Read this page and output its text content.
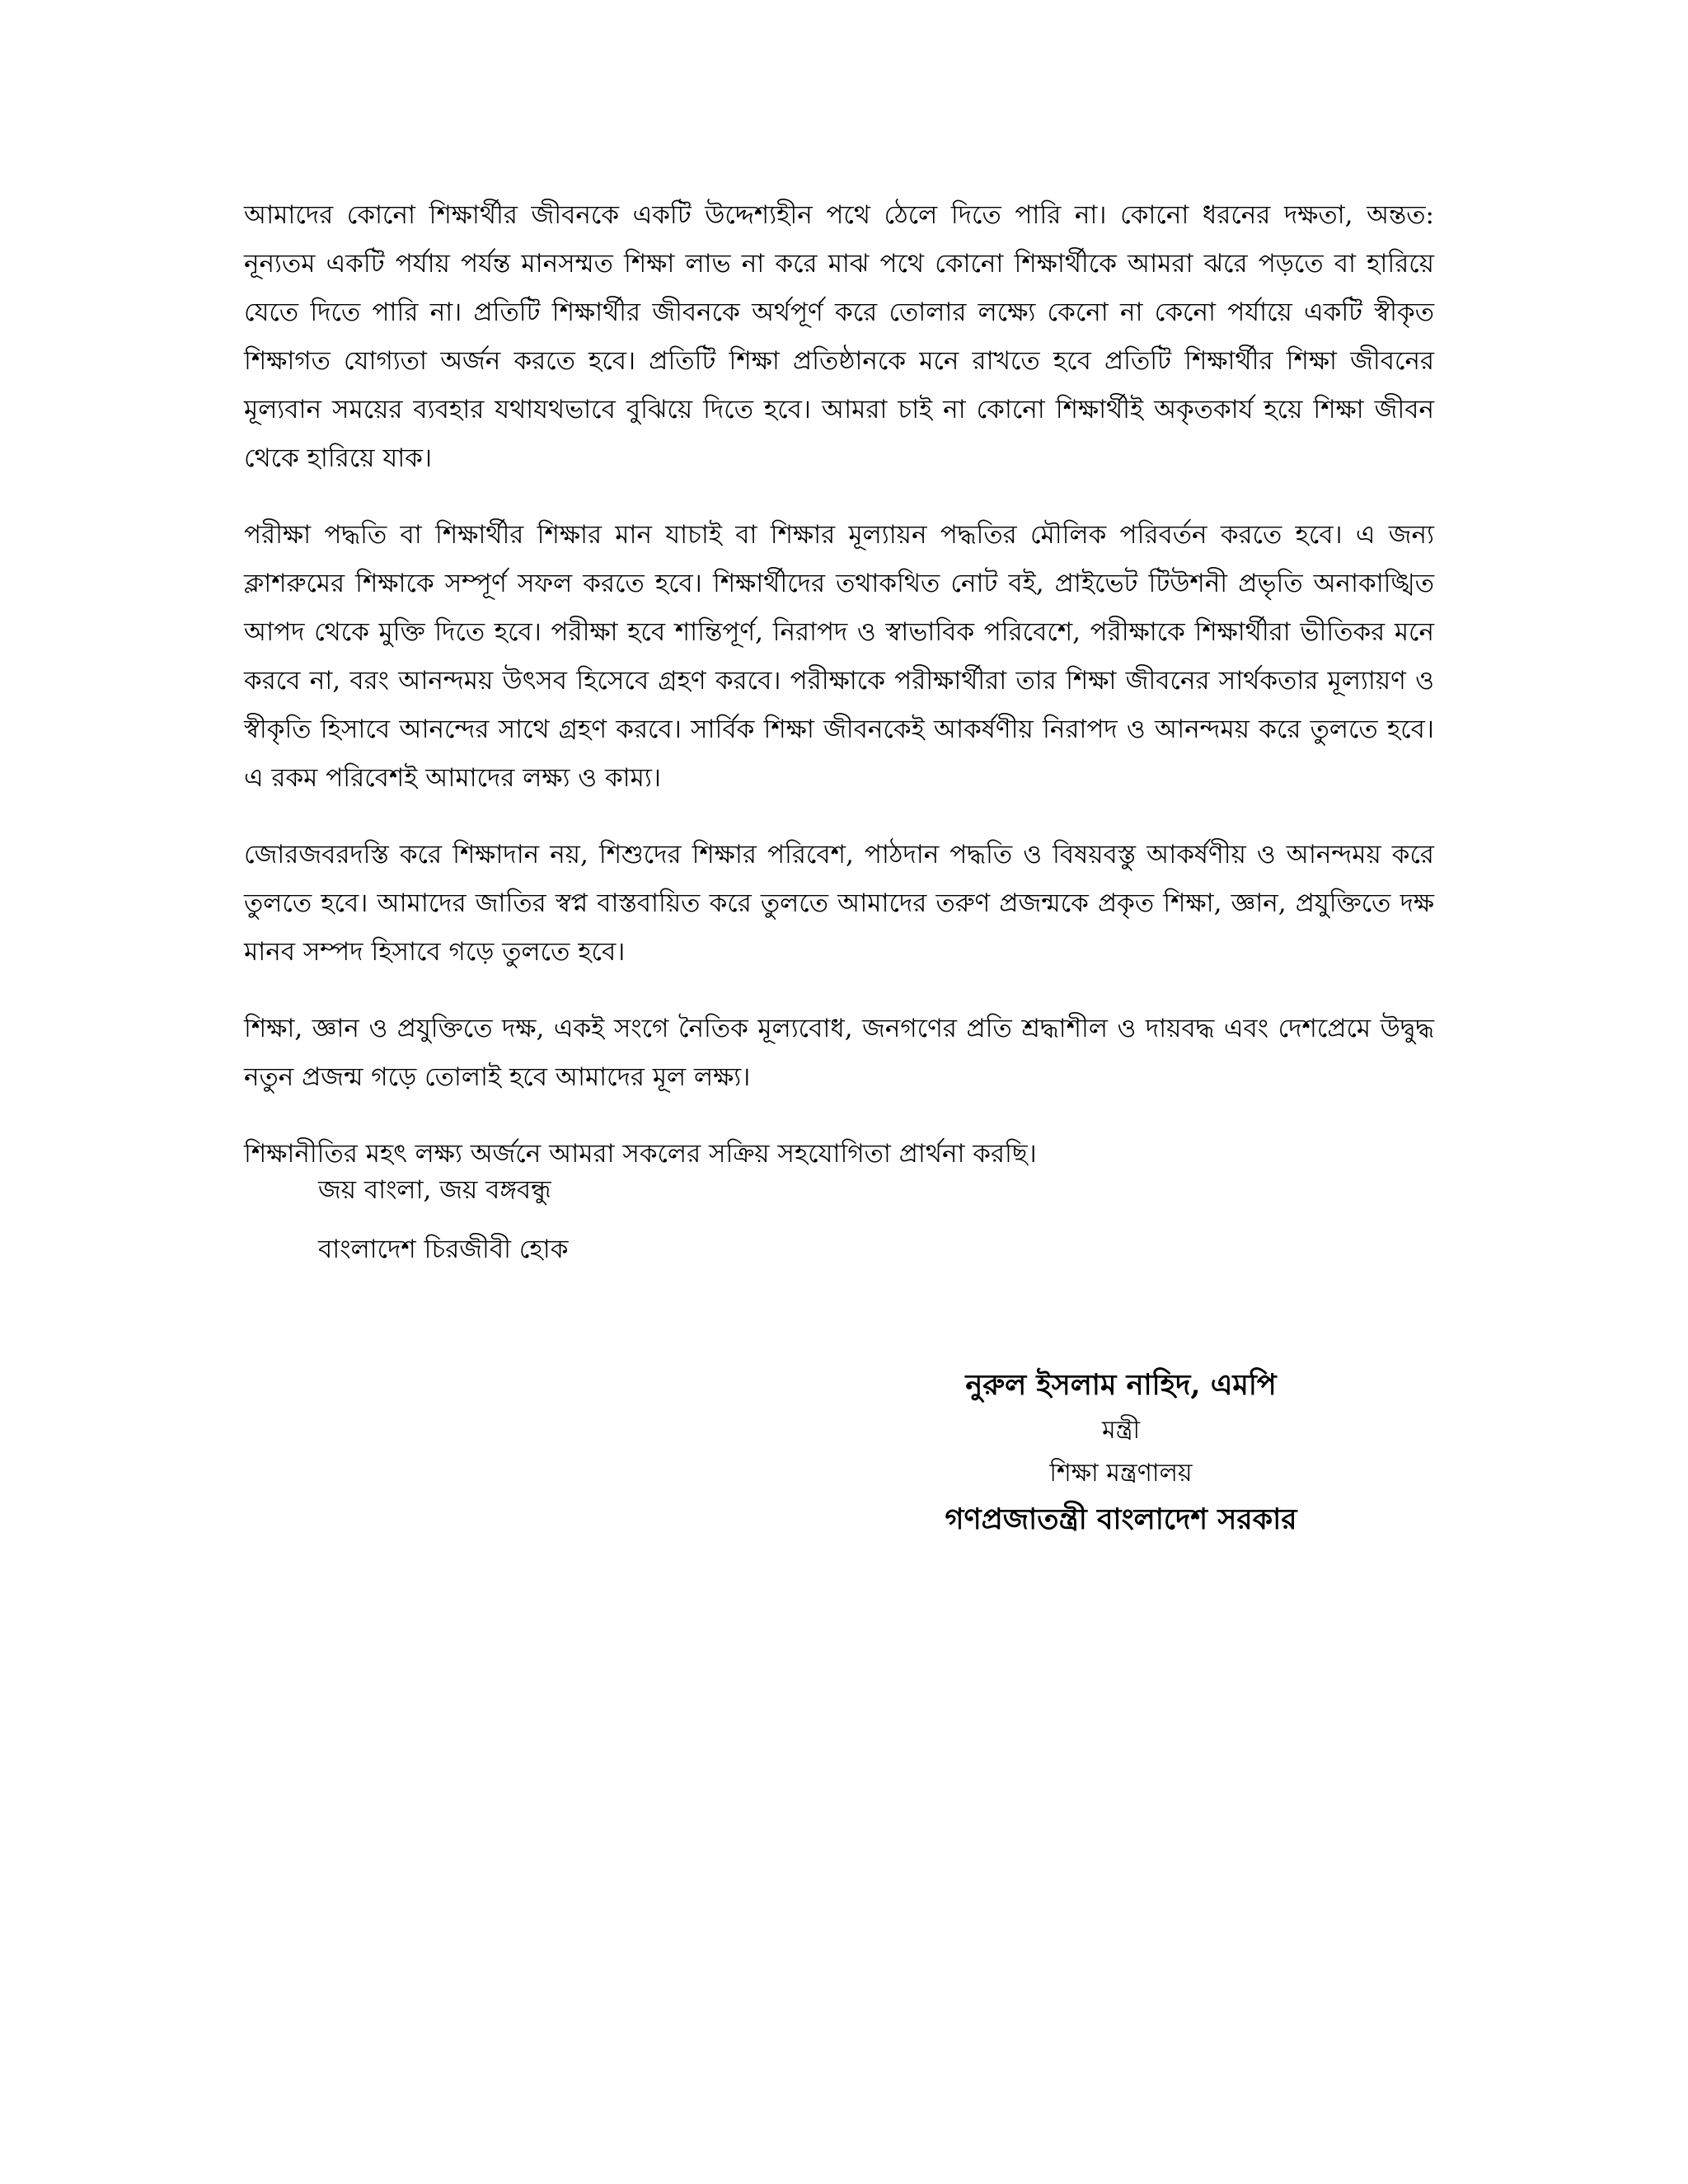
আমাদের কোনো শিক্ষার্থীর জীবনকে একটি উদ্দেশ্যহীন পথে ঠেলে দিতে পারি না। কোনো ধরনের দক্ষতা, অন্তত: নূন্যতম একটি পর্যায় পর্যন্ত মানসম্মত শিক্ষা লাভ না করে মাঝ পথে কোনো শিক্ষার্থীকে আমরা ঝরে পড়তে বা হারিয়ে যেতে দিতে পারি না। প্রতিটি শিক্ষার্থীর জীবনকে অর্থপূর্ণ করে তোলার লক্ষ্যে কেনো না কেনো পর্যায়ে একটি স্বীকৃত শিক্ষাগত যোগ্যতা অর্জন করতে হবে। প্রতিটি শিক্ষা প্রতিষ্ঠানকে মনে রাখতে হবে প্রতিটি শিক্ষার্থীর শিক্ষা জীবনের মূল্যবান সময়ের ব্যবহার যথাযথভাবে বুঝিয়ে দিতে হবে। আমরা চাই না কোনো শিক্ষার্থীই অকৃতকার্য হয়ে শিক্ষা জীবন থেকে হারিয়ে যাক।

পরীক্ষা পদ্ধতি বা শিক্ষার্থীর শিক্ষার মান যাচাই বা শিক্ষার মূল্যায়ন পদ্ধতির মৌলিক পরিবর্তন করতে হবে। এ জন্য ক্লাশরুমের শিক্ষাকে সম্পূর্ণ সফল করতে হবে। শিক্ষার্থীদের তথাকথিত নোট বই, প্রাইভেট টিউশনী প্রভৃতি অনাকাঙ্খিত আপদ থেকে মুক্তি দিতে হবে। পরীক্ষা হবে শান্তিপূর্ণ, নিরাপদ ও স্বাভাবিক পরিবেশে, পরীক্ষাকে শিক্ষার্থীরা ভীতিকর মনে করবে না, বরং আনন্দময় উৎসব হিসেবে গ্রহণ করবে। পরীক্ষাকে পরীক্ষার্থীরা তার শিক্ষা জীবনের সার্থকতার মূল্যায়ণ ও স্বীকৃতি হিসাবে আনন্দের সাথে গ্রহণ করবে। সার্বিক শিক্ষা জীবনকেই আকর্ষণীয় নিরাপদ ও আনন্দময় করে তুলতে হবে। এ রকম পরিবেশই আমাদের লক্ষ্য ও কাম্য।

জোরজবরদস্তি করে শিক্ষাদান নয়, শিশুদের শিক্ষার পরিবেশ, পাঠদান পদ্ধতি ও বিষয়বস্তু আকর্ষণীয় ও আনন্দময় করে তুলতে হবে। আমাদের জাতির স্বপ্ন বাস্তবায়িত করে তুলতে আমাদের তরুণ প্রজন্মকে প্রকৃত শিক্ষা, জ্ঞান, প্রযুক্তিতে দক্ষ মানব সম্পদ হিসাবে গড়ে তুলতে হবে।

শিক্ষা, জ্ঞান ও প্রযুক্তিতে দক্ষ, একই সংগে নৈতিক মূল্যবোধ, জনগণের প্রতি শ্রদ্ধাশীল ও দায়বদ্ধ এবং দেশপ্রেমে উদ্বুদ্ধ নতুন প্রজন্ম গড়ে তোলাই হবে আমাদের মূল লক্ষ্য।

শিক্ষানীতির মহৎ লক্ষ্য অর্জনে আমরা সকলের সক্রিয় সহযোগিতা প্রার্থনা করছি।

জয় বাংলা, জয় বঙ্গবন্ধু
বাংলাদেশ চিরজীবী হোক
নুরুল ইসলাম নাহিদ, এমপি
মন্ত্রী
শিক্ষা মন্ত্রণালয়
গণপ্রজাতন্ত্রী বাংলাদেশ সরকার
